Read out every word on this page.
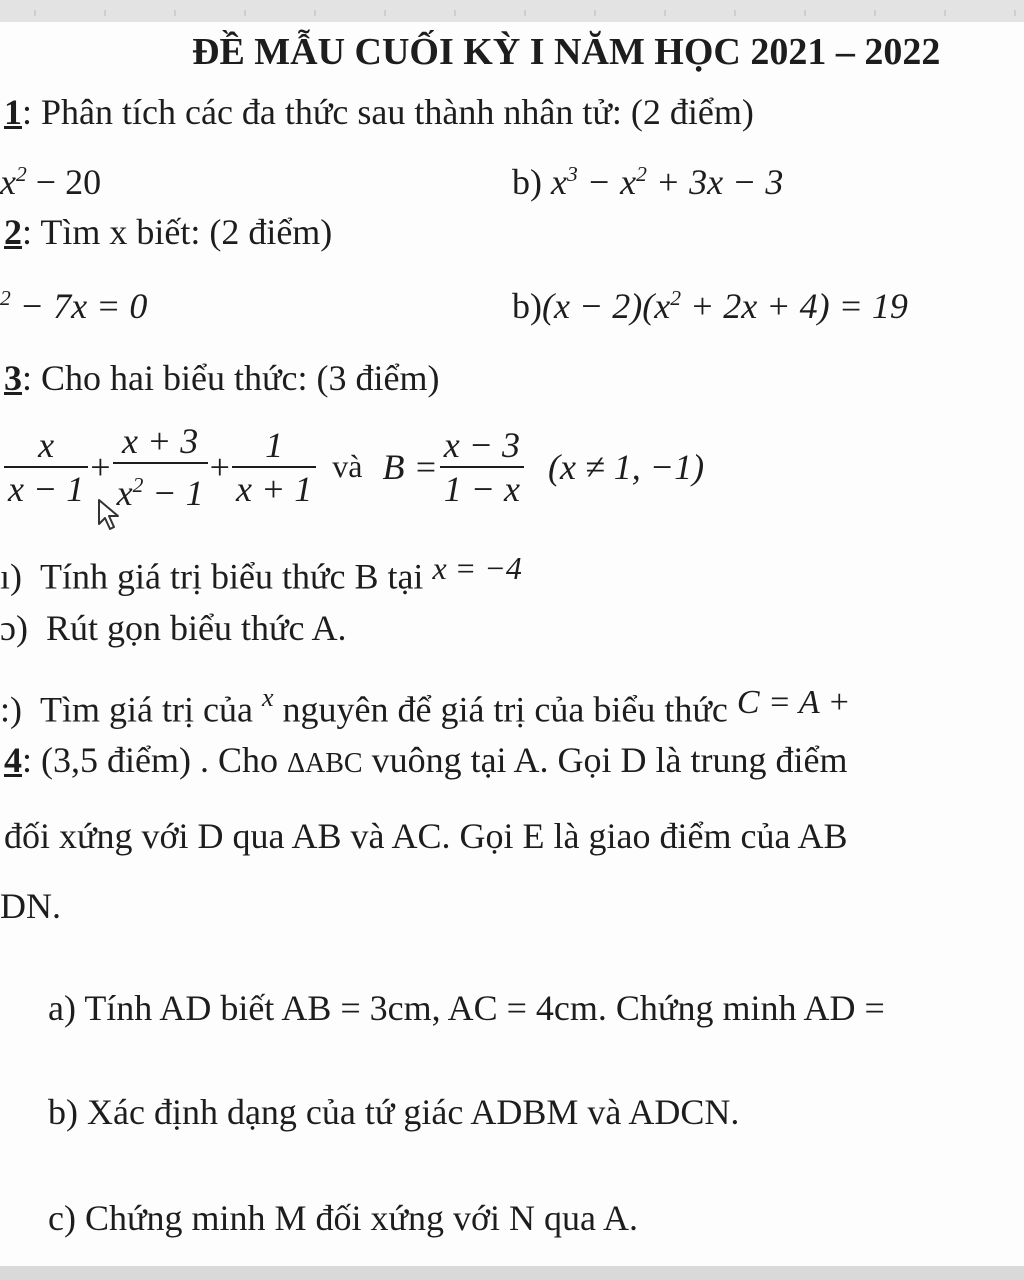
ĐỀ MẪU CUỐI KỲ I NĂM HỌC 2021 – 2022
1: Phân tích các đa thức sau thành nhân tử: (2 điểm)
$x^2 - 20$	b) $x^3 - x^2 + 3x - 3$
2: Tìm x biết: (2 điểm)
$^2$ − 7x = 0	$b)(x - 2)(x^2 + 2x + 4) = 19$
3: Cho hai biểu thức: (3 điểm)
$\frac{x}{x - 1} + \frac{x + 3}{x^2 - 1} + \frac{1}{x + 1}$ và $B = \frac{x - 3}{1 - x} (x \ne 1$, −1)
ı) Tính giá trị biểu thức B tại x = −4
ɔ) Rút gọn biểu thức A.
:) Tìm giá trị của $^x$ nguyên để giá trị của biểu thức C = A +
4: (3,5 điểm) . Cho ΔABC vuông tại A. Gọi D là trung điểm
đối xứng với D qua AB và AC. Gọi E là giao điểm của AB
DN.
a) Tính AD biết AB = 3cm, AC = 4cm. Chứng minh AD =
b) Xác định dạng của tứ giác ADBM và ADCN.
c) Chứng minh M đối xứng với N qua A.
